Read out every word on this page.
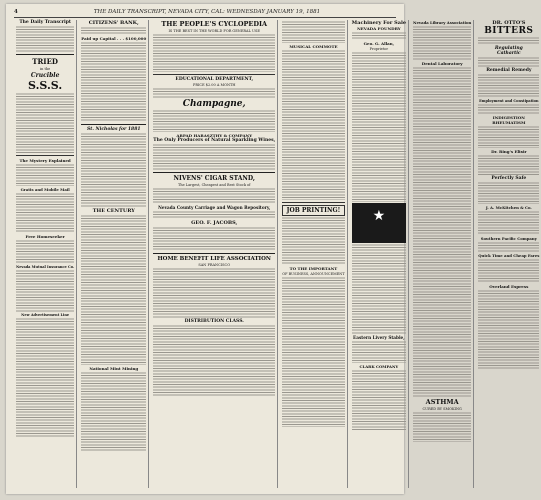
4	THE DAILY TRANSCRIPT, NEVADA CITY, CAL: WEDNESDAY JANUARY 19, 1881
The Daily Transcript
TRIED
in the
Crucible
S.S.S.
The Mystery Explained
Gratis and Mobile Mail
Free Homeseeker
Nevada Mutual Insurance Co.
New Advertisement Line
CITIZENS' BANK,
Paid up Capital . . . $100,000
St. Nicholas for 1881
THE CENTURY
National Mint Mining
THE PEOPLE'S CYCLOPEDIA
IS THE BEST IN THE WORLD FOR GENERAL USE
EDUCATIONAL DEPARTMENT,
PRICE $2.00 A MONTH
Champagne,
ARPAD HARASZTHY & COMPANY
The Only Producers of Natural Sparkling Wines,
NIVENS' CIGAR STAND,
The Largest, Cheapest and Best Stock of
Nevada County Carriage and Wagon Repository,
GEO. F. JACOBS,
HOME BENEFIT LIFE ASSOCIATION
SAN FRANCISCO
DISTRIBUTION CLASS.
MUSICAL COMMOTE
JOB PRINTING!
TO THE IMPORTANT
OF BUSINESS, ANNOUNCEMENT
Machinery For Sale
NEVADA FOUNDRY
Geo. G. Allan,
Proprietor
★
Eastern Livery Stable,
CLARK COMPANY
Nevada Library Association
Dental Laboratory
ASTHMA
CURED BY SMOKING
DR. OTTO'S
BITTERS
Regulating
Cathartic
Remedial Remedy
Employment and Constipation
INDIGESTION
RHEUMATISM
Dr. Ring's Elixir
Perfectly Safe
J. A. McKitchen & Co.
Southern Pacific Company
Quick Time and Cheap Fares
Overland Express
